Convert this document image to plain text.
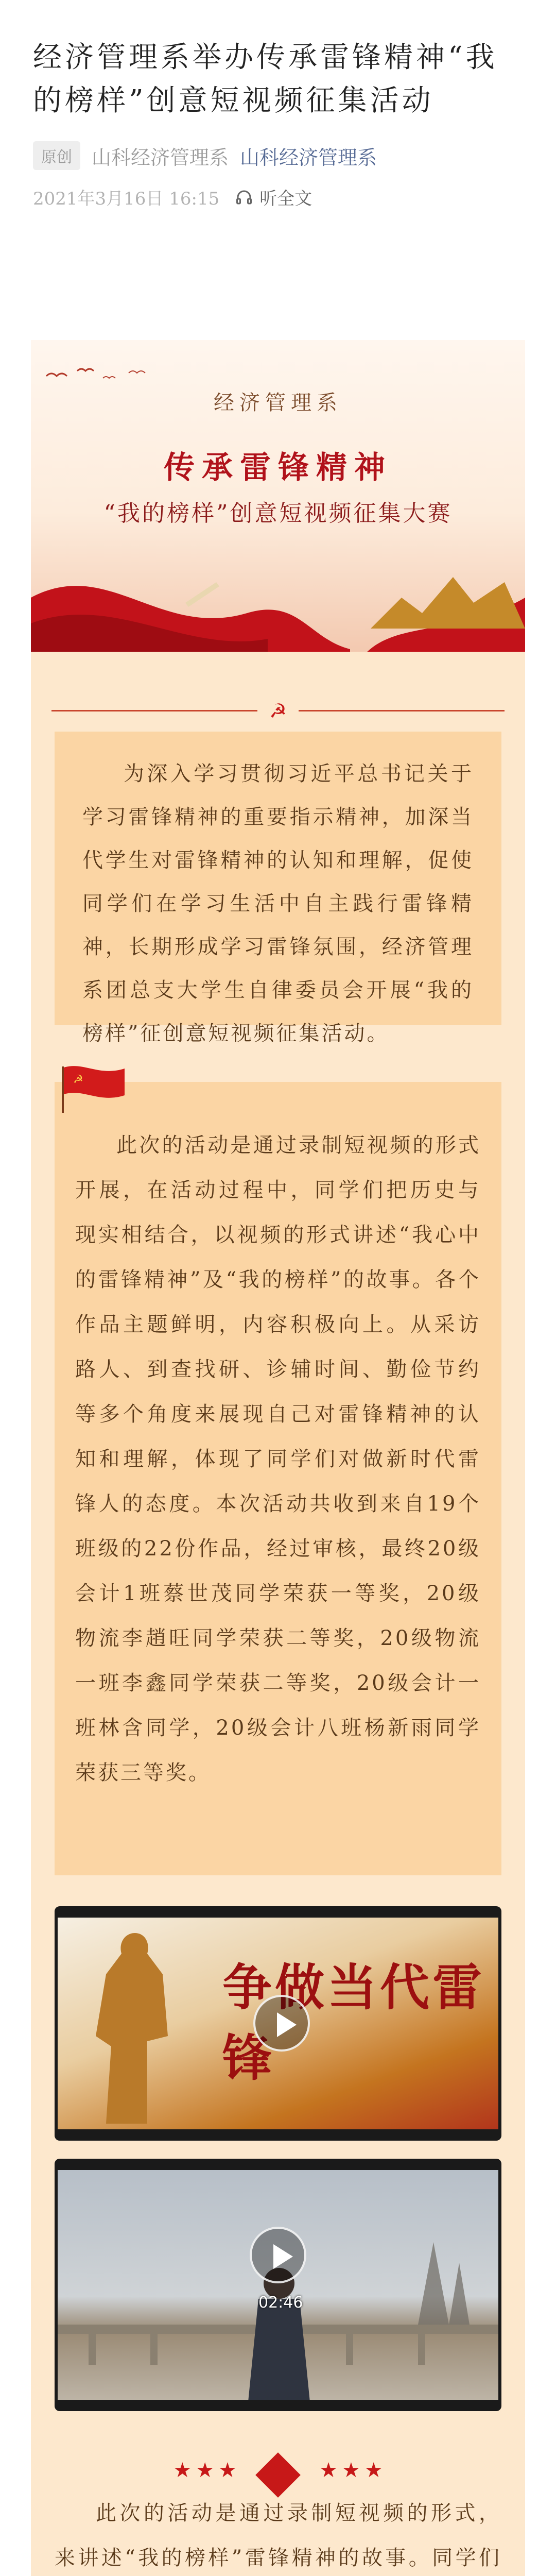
经济管理系举办传承雷锋精神“我的榜样”创意短视频征集活动
原创	山科经济管理系 山科经济管理系
2021年3月16日 16:15 听全文
经济管理系
传承雷锋精神
“我的榜样”创意短视频征集大赛
☭

为深入学习贯彻习近平总书记关于学习雷锋精神的重要指示精神，加深当代学生对雷锋精神的认知和理解，促使同学们在学习生活中自主践行雷锋精神，长期形成学习雷锋氛围，经济管理系团总支大学生自律委员会开展“我的榜样”征创意短视频征集活动。

此次的活动是通过录制短视频的形式开展，在活动过程中，同学们把历史与现实相结合，以视频的形式讲述“我心中的雷锋精神”及“我的榜样”的故事。各个作品主题鲜明，内容积极向上。从采访路人、到查找研、诊辅时间、勤俭节约等多个角度来展现自己对雷锋精神的认知和理解，体现了同学们对做新时代雷锋人的态度。本次活动共收到来自19个班级的22份作品，经过审核，最终20级会计1班蔡世茂同学荣获一等奖，20级物流李趙旺同学荣获二等奖，20级物流一班李鑫同学荣获二等奖，20级会计一班林含同学，20级会计八班杨新雨同学荣获三等奖。

☭
争做当代雷锋
02:46
★ ★ ★	★ ★ ★

此次的活动是通过录制短视频的形式，来讲述“我的榜样”雷锋精神的故事。同学们
